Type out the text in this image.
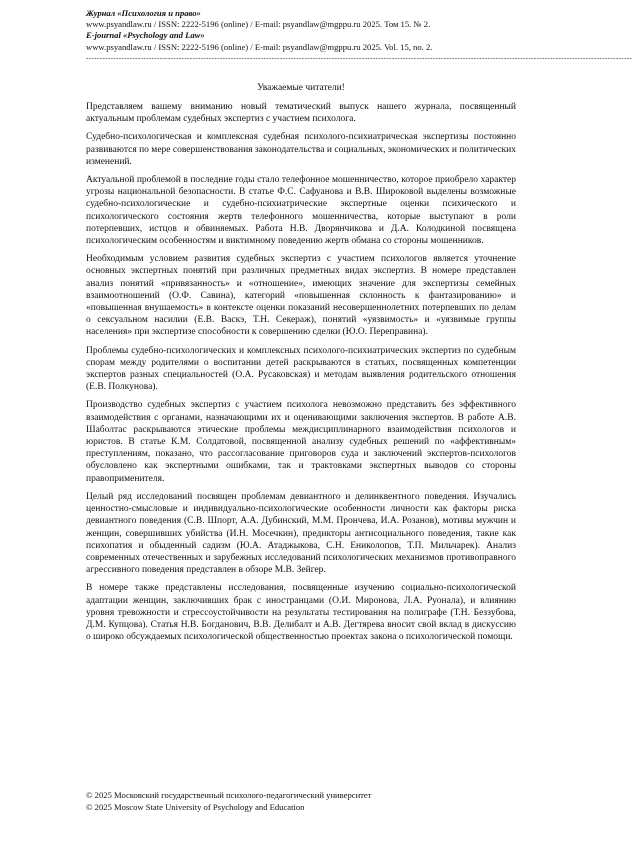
Журнал «Психология и право»
www.psyandlaw.ru / ISSN: 2222-5196 (online) / E-mail: psyandlaw@mgppu.ru 2025. Том 15. № 2.
E-journal «Psychology and Law»
www.psyandlaw.ru / ISSN: 2222-5196 (online) / E-mail: psyandlaw@mgppu.ru 2025. Vol. 15, no. 2.
--------------------------------------------------------------------------------------------------------------------------------------------------------------------------------------------------------
Уважаемые читатели!

Представляем вашему вниманию новый тематический выпуск нашего журнала, посвященный актуальным проблемам судебных экспертиз с участием психолога.

Судебно-психологическая и комплексная судебная психолого-психиатрическая экспертизы постоянно развиваются по мере совершенствования законодательства и социальных, экономических и политических изменений.

Актуальной проблемой в последние годы стало телефонное мошенничество, которое приобрело характер угрозы национальной безопасности. В статье Ф.С. Сафуанова и В.В. Широковой выделены возможные судебно-психологические и судебно-психиатрические экспертные оценки психического и психологического состояния жертв телефонного мошенничества, которые выступают в роли потерпевших, истцов и обвиняемых. Работа Н.В. Дворянчикова и Д.А. Колодкиной посвящена психологическим особенностям и виктимному поведению жертв обмана со стороны мошенников.

Необходимым условием развития судебных экспертиз с участием психологов является уточнение основных экспертных понятий при различных предметных видах экспертиз. В номере представлен анализ понятий «привязанность» и «отношение», имеющих значение для экспертизы семейных взаимоотношений (О.Ф. Савина), категорий «повышенная склонность к фантазированию» и «повышенная внушаемость» в контексте оценки показаний несовершеннолетних потерпевших по делам о сексуальном насилии (Е.В. Васкэ, Т.Н. Секераж), понятий «уязвимость» и «уязвимые группы населения» при экспертизе способности к совершению сделки (Ю.О. Переправина).

Проблемы судебно-психологических и комплексных психолого-психиатрических экспертиз по судебным спорам между родителями о воспитании детей раскрываются в статьях, посвященных компетенции экспертов разных специальностей (О.А. Русаковская) и методам выявления родительского отношения (Е.В. Полкунова).

Производство судебных экспертиз с участием психолога невозможно представить без эффективного взаимодействия с органами, назначающими их и оценивающими заключения экспертов. В работе А.В. Шаболтас раскрываются этические проблемы междисциплинарного взаимодействия психологов и юристов. В статье К.М. Солдатовой, посвященной анализу судебных решений по «аффективным» преступлениям, показано, что рассогласование приговоров суда и заключений экспертов-психологов обусловлено как экспертными ошибками, так и трактовками экспертных выводов со стороны правоприменителя.

Целый ряд исследований посвящен проблемам девиантного и делинквентного поведения. Изучались ценностно-смысловые и индивидуально-психологические особенности личности как факторы риска девиантного поведения (С.В. Шпорт, А.А. Дубинский, М.М. Прончева, И.А. Розанов), мотивы мужчин и женщин, совершивших убийства (И.Н. Мосечкин), предикторы антисоциального поведения, такие как психопатия и обыденный садизм (Ю.А. Атаджыкова, С.Н. Ениколопов, Т.П. Мильчарек). Анализ современных отечественных и зарубежных исследований психологических механизмов противоправного агрессивного поведения представлен в обзоре М.В. Зейгер.

В номере также представлены исследования, посвященные изучению социально-психологической адаптации женщин, заключивших брак с иностранцами (О.И. Миронова, Л.А. Руонала), и влиянию уровня тревожности и стрессоустойчивости на результаты тестирования на полиграфе (Т.Н. Беззубова, Д.М. Купцова). Статья Н.В. Богданович, В.В. Делибалт и А.В. Дегтярева вносит свой вклад в дискуссию о широко обсуждаемых психологической общественностью проектах закона о психологической помощи.

© 2025 Московский государственный психолого-педагогический университет
© 2025 Moscow State University of Psychology and Education
